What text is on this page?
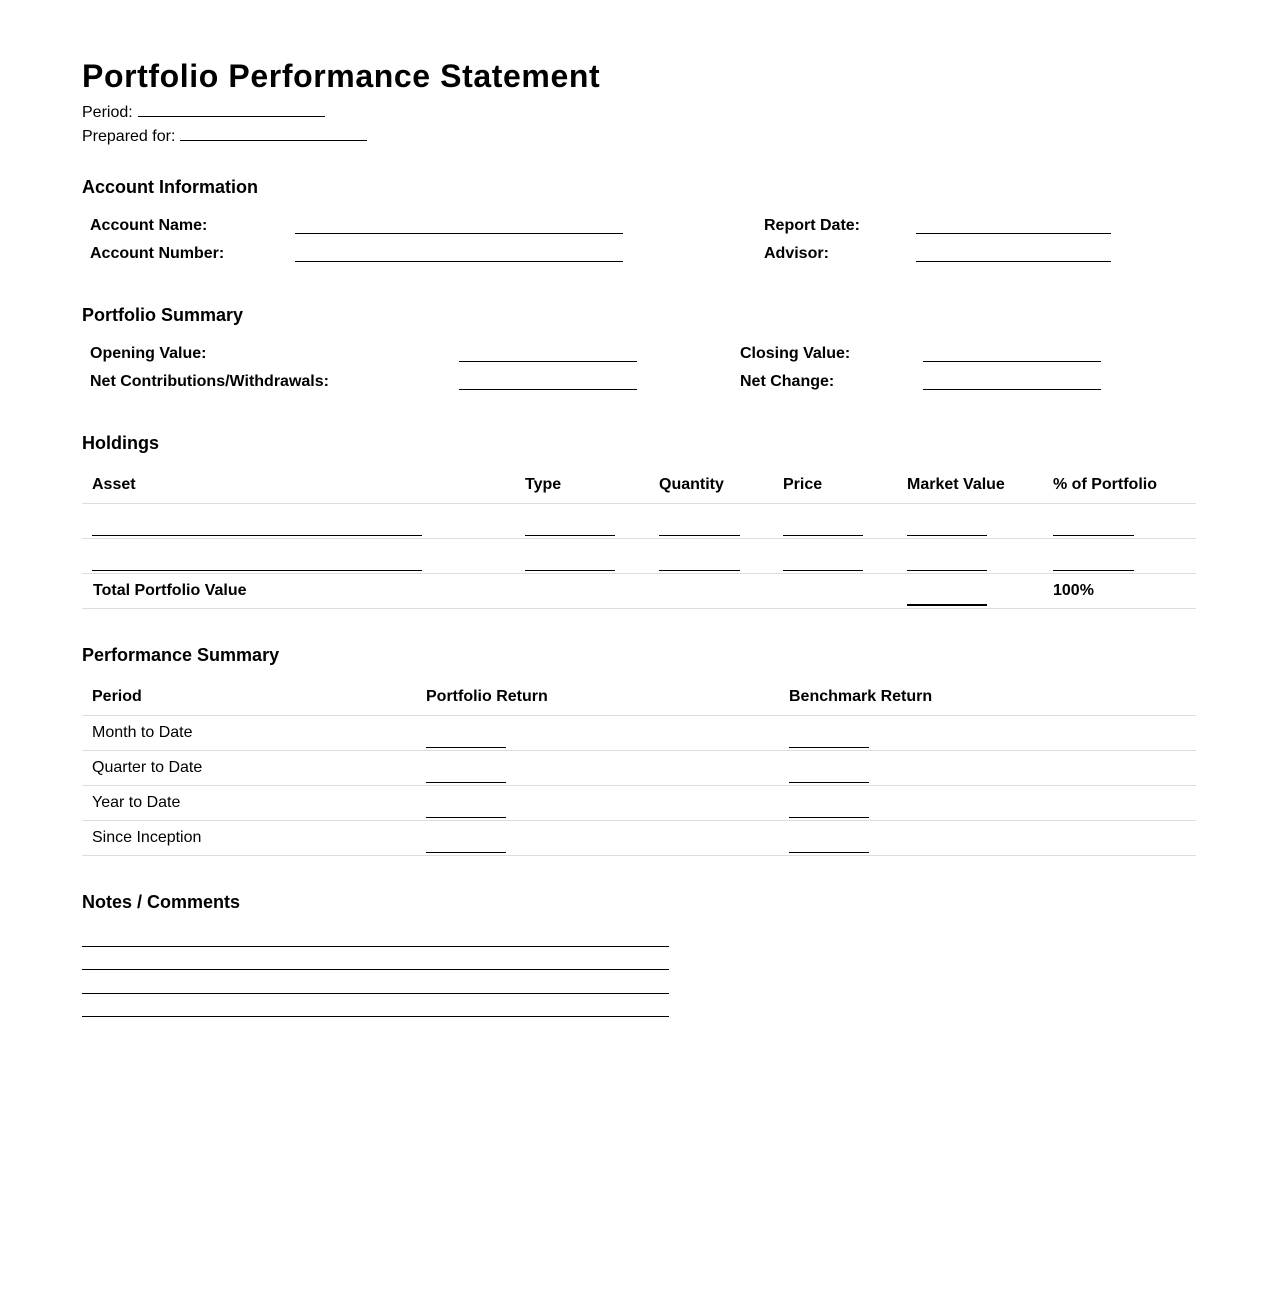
Portfolio Performance Statement
Period:
Prepared for:
Account Information
Account Name:
Account Number:
Report Date:
Advisor:
Portfolio Summary
Opening Value:
Net Contributions/Withdrawals:
Closing Value:
Net Change:
Holdings
Asset	Type	Quantity	Price	Market Value	% of Portfolio

Total Portfolio Value					100%
Performance Summary
Period	Portfolio Return	Benchmark Return
Month to Date		
Quarter to Date		
Year to Date		
Since Inception		
Notes / Comments
